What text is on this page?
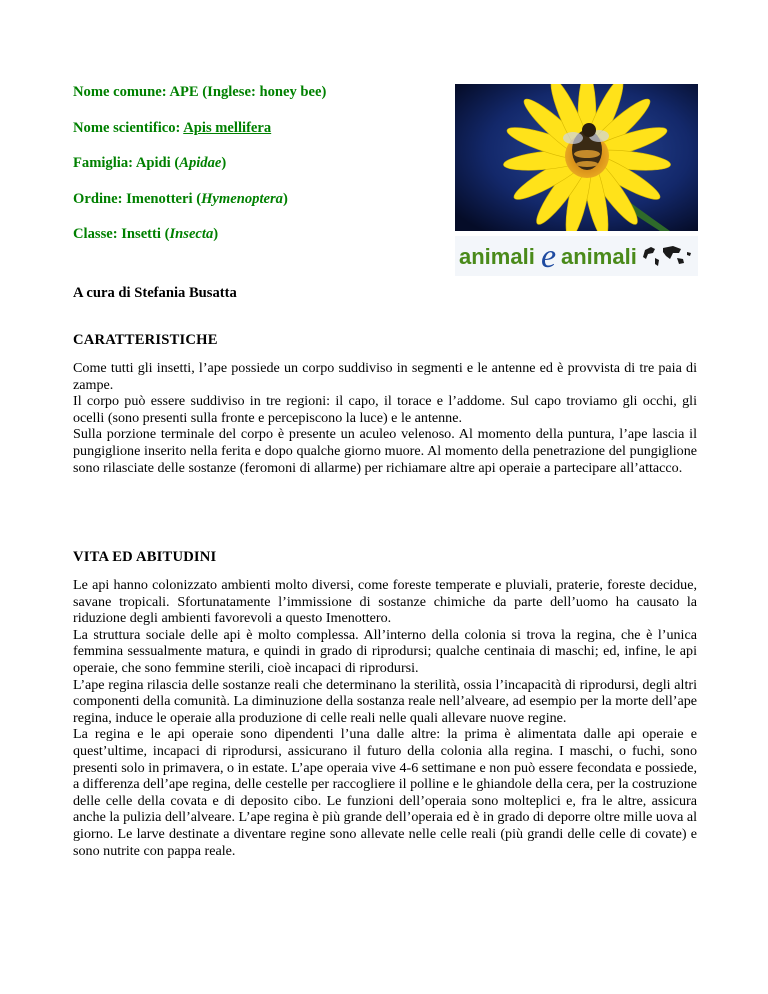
Nome comune: APE (Inglese: honey bee)

Nome scientifico: Apis mellifera

Famiglia: Apidi (Apidae)

Ordine: Imenotteri (Hymenoptera)

Classe: Insetti (Insecta)

animali e animali

A cura di Stefania Busatta

CARATTERISTICHE

Come tutti gli insetti, l’ape possiede un corpo suddiviso in segmenti e le antenne ed è provvista di tre paia di zampe.

Il corpo può essere suddiviso in tre regioni: il capo, il torace e l’addome. Sul capo troviamo gli occhi, gli ocelli (sono presenti sulla fronte e percepiscono la luce) e le antenne.

Sulla porzione terminale del corpo è presente un aculeo velenoso. Al momento della puntura, l’ape lascia il pungiglione inserito nella ferita e dopo qualche giorno muore. Al momento della penetrazione del pungiglione sono rilasciate delle sostanze (feromoni di allarme) per richiamare altre api operaie a partecipare all’attacco.

VITA ED ABITUDINI

Le api hanno colonizzato ambienti molto diversi, come foreste temperate e pluviali, praterie, foreste decidue, savane tropicali. Sfortunatamente l’immissione di sostanze chimiche da parte dell’uomo ha causato la riduzione degli ambienti favorevoli a questo Imenottero.

La struttura sociale delle api è molto complessa. All’interno della colonia si trova la regina, che è l’unica femmina sessualmente matura, e quindi in grado di riprodursi; qualche centinaia di maschi; ed, infine, le api operaie, che sono femmine sterili, cioè incapaci di riprodursi.

L’ape regina rilascia delle sostanze reali che determinano la sterilità, ossia l’incapacità di riprodursi, degli altri componenti della comunità. La diminuzione della sostanza reale nell’alveare, ad esempio per la morte dell’ape regina, induce le operaie alla produzione di celle reali nelle quali allevare nuove regine.

La regina e le api operaie sono dipendenti l’una dalle altre: la prima è alimentata dalle api operaie e quest’ultime, incapaci di riprodursi, assicurano il futuro della colonia alla regina. I maschi, o fuchi, sono presenti solo in primavera, o in estate. L’ape operaia vive 4-6 settimane e non può essere fecondata e possiede, a differenza dell’ape regina, delle cestelle per raccogliere il polline e le ghiandole della cera, per la costruzione delle celle della covata e di deposito cibo. Le funzioni dell’operaia sono molteplici e, fra le altre, assicura anche la pulizia dell’alveare. L’ape regina è più grande dell’operaia ed è in grado di deporre oltre mille uova al giorno. Le larve destinate a diventare regine sono allevate nelle celle reali (più grandi delle celle di covate) e sono nutrite con pappa reale.
